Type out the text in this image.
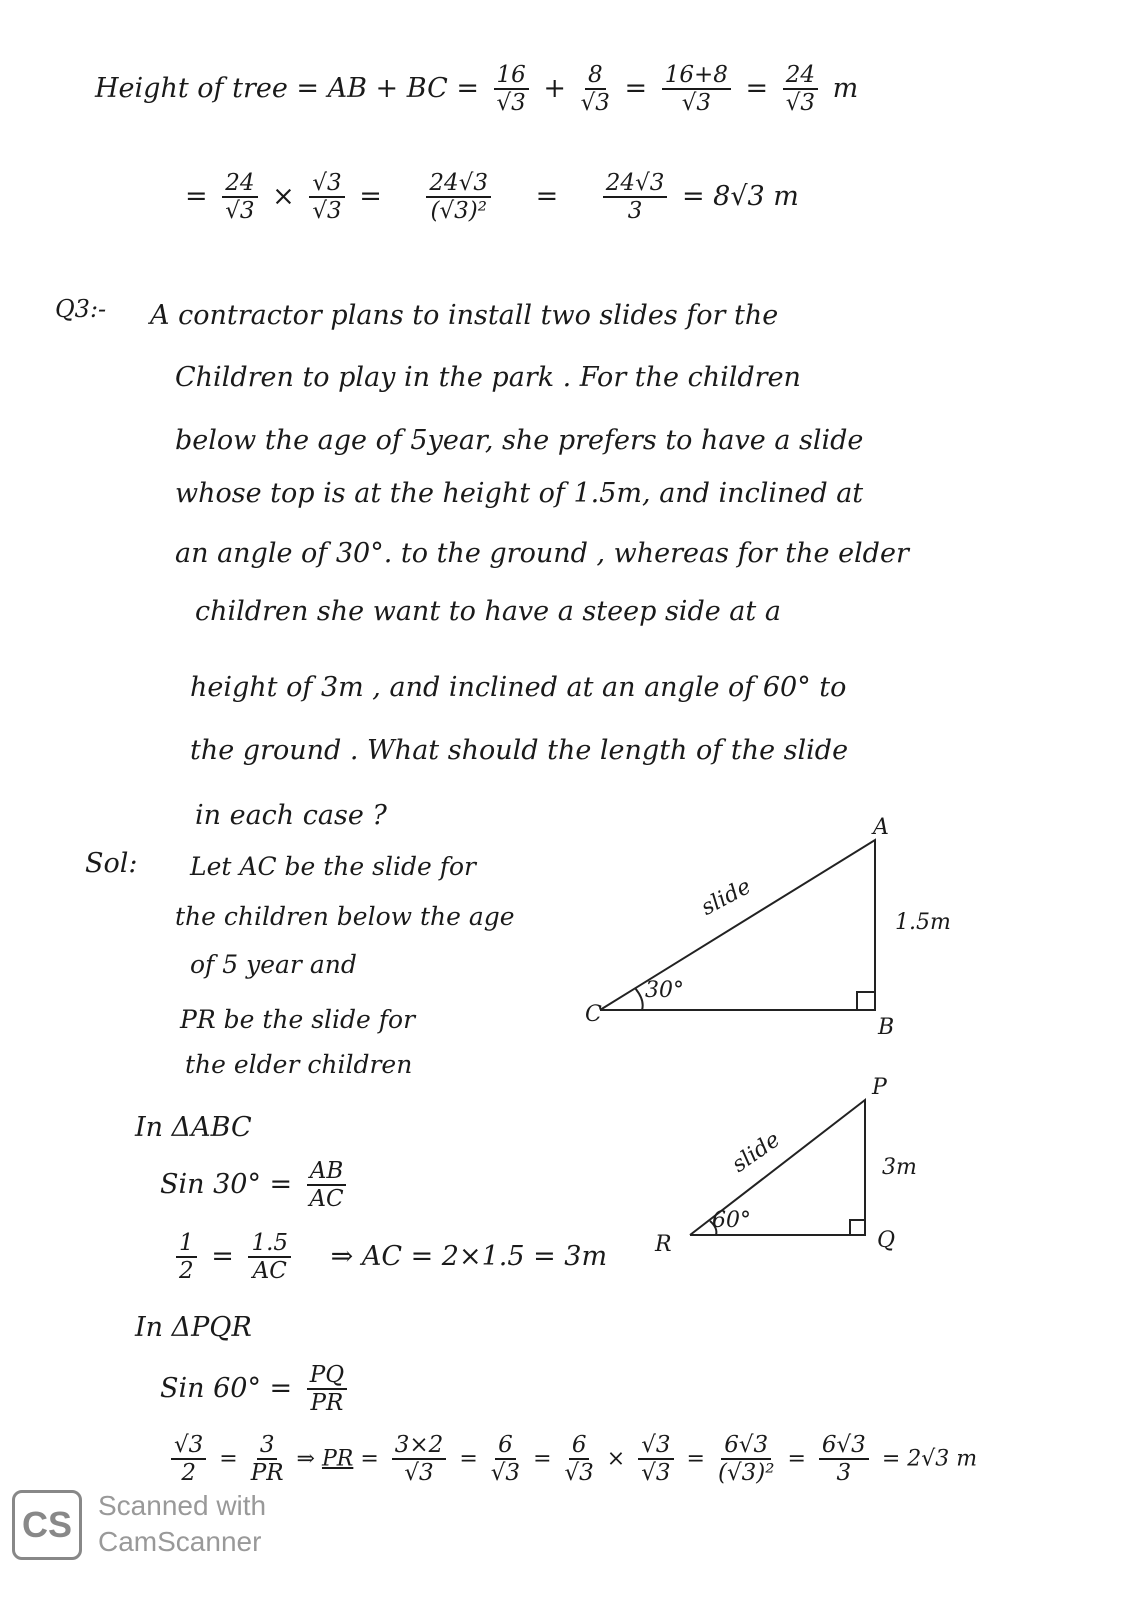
Height of tree = AB + BC = $\frac{16}{√3} + \frac{8}{√3} = \frac{16+8}{√3} = \frac{24}{√3}$ m
= $\frac{24}{√3} \times \frac{√3}{√3} = \frac{24√3}{\text{(√3)²}} = \frac{24√3}{3} = 8√3$ m
Q3:- A contractor plans to install two slides for the
Children to play in the park . For the children
below the age of 5year, she prefers to have a slide
whose top is at the height of 1.5m, and inclined at
an angle of 30°. to the ground , whereas for the elder
children she want to have a steep side at a
height of 3m , and inclined at an angle of 60° to
the ground . What should the length of the slide
in each case ?
Sol: Let AC be the slide for
the children below the age
of 5 year and
PR be the slide for
the elder children
A
B
C
1.5m
slide
30°
P
Q
R
3m
slide
60°
In ΔABC
Sin $30^\circ = \frac{AB}{AC}$
$\frac{1}{2} = \frac{1.5}{AC}$ ⇒ AC = 2×1.5 = 3m
In ΔPQR
Sin $60^\circ = \frac{PQ}{PR}$
$\frac{√3}{2} = \frac{3}{PR}$ ⇒ PR = $\frac{3\times 2}{√3} = \frac{6}{√3} = \frac{6}{√3} \times \frac{√3}{√3} = \frac{6√3}{\text{(√3)²}} = \frac{6√3}{3} = 2√3$ m
CS Scanned with
CamScanner
